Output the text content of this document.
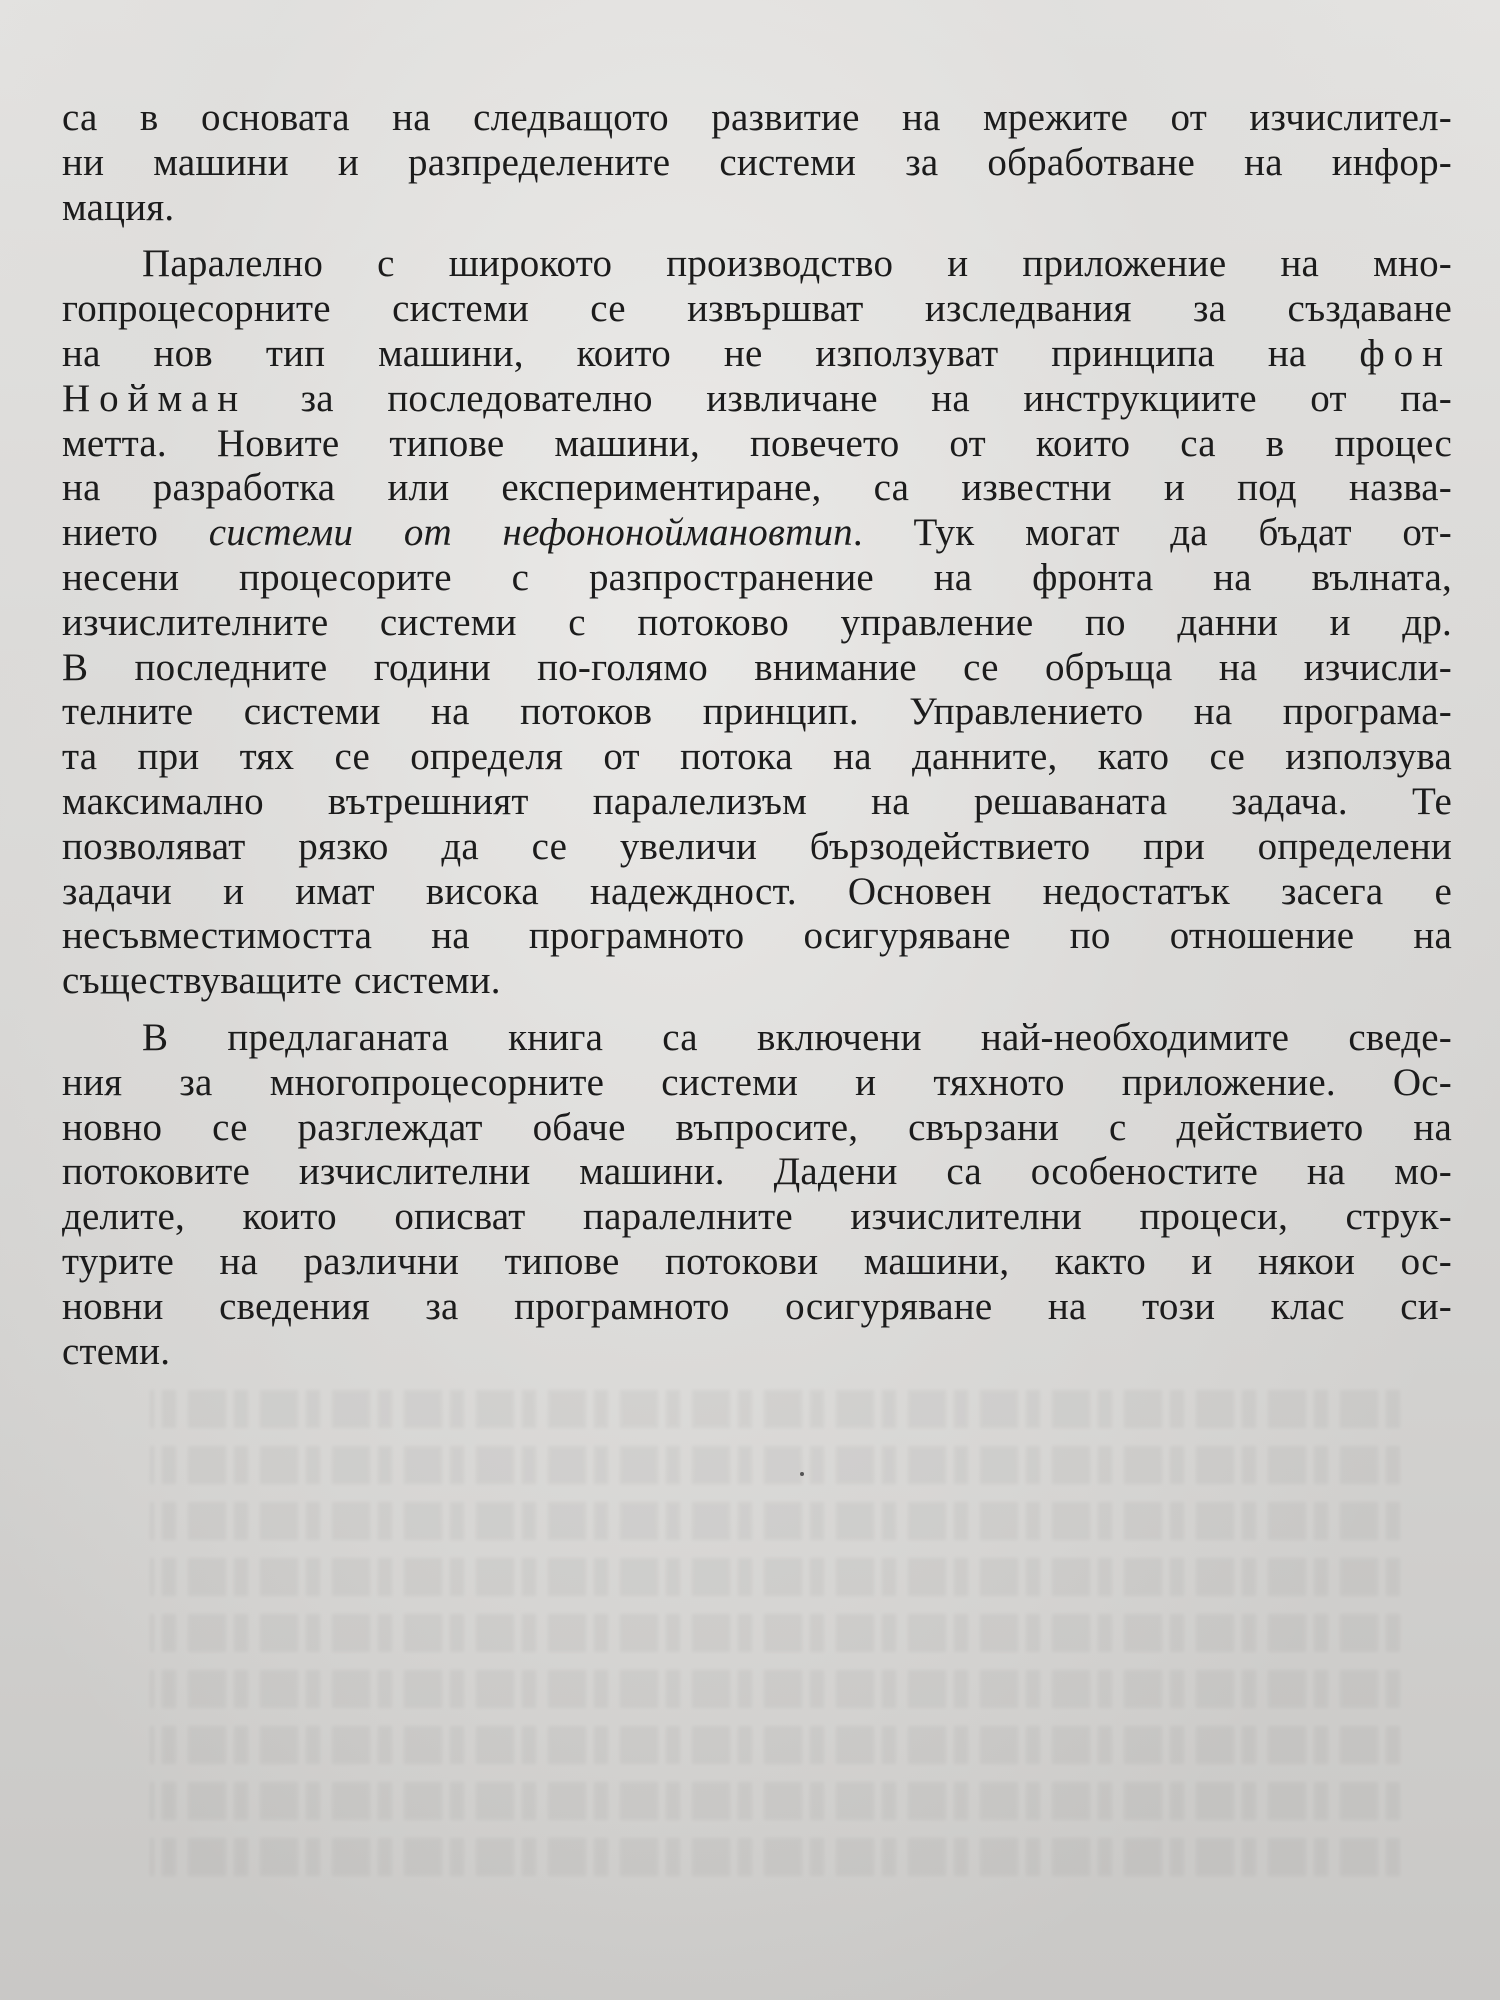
са в основата на следващото развитие на мрежите от изчислител-
ни машини и разпределените системи за обработване на инфор-
мация.
Паралелно с широкото производство и приложение на мно-
гопроцесорните системи се извършват изследвания за създаване
на нов тип машини, които не използуват принципа на фон
Нойман за последователно извличане на инструкциите от па-
метта. Новите типове машини, повечето от които са в процес
на разработка или експериментиране, са известни и под назва-
нието системи от нефононоймановтип. Тук могат да бъдат от-
несени процесорите с разпространение на фронта на вълната,
изчислителните системи с потоково управление по данни и др.
В последните години по-голямо внимание се обръща на изчисли-
телните системи на потоков принцип. Управлението на програма-
та при тях се определя от потока на данните, като се използува
максимално вътрешният паралелизъм на решаваната задача. Те
позволяват рязко да се увеличи бързодействието при определени
задачи и имат висока надеждност. Основен недостатък засега е
несъвместимостта на програмното осигуряване по отношение на
съществуващите системи.
В предлаганата книга са включени най-необходимите сведе-
ния за многопроцесорните системи и тяхното приложение. Ос-
новно се разглеждат обаче въпросите, свързани с действието на
потоковите изчислителни машини. Дадени са особеностите на мо-
делите, които описват паралелните изчислителни процеси, струк-
турите на различни типове потокови машини, както и някои ос-
новни сведения за програмното осигуряване на този клас си-
стеми.
